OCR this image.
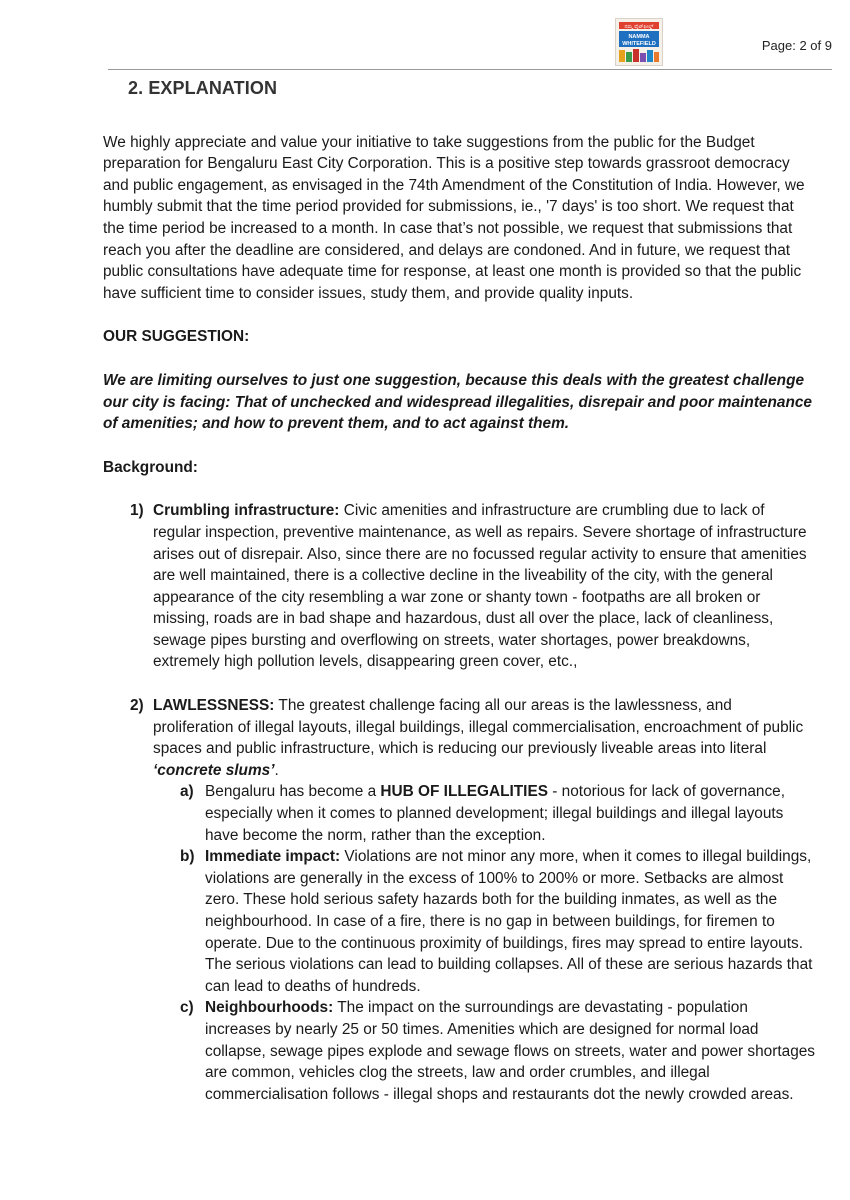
ನಮ್ಮ ವೈಟ್‌ಫೀಲ್ಡ್
NAMMA
WHITEFIELD	Page: 2 of 9
2. EXPLANATION

We highly appreciate and value your initiative to take suggestions from the public for the Budget preparation for Bengaluru East City Corporation. This is a positive step towards grassroot democracy and public engagement, as envisaged in the 74th Amendment of the Constitution of India. However, we humbly submit that the time period provided for submissions, ie., '7 days' is too short. We request that the time period be increased to a month. In case that’s not possible, we request that submissions that reach you after the deadline are considered, and delays are condoned. And in future, we request that public consultations have adequate time for response, at least one month is provided so that the public have sufficient time to consider issues, study them, and provide quality inputs.

OUR SUGGESTION:

We are limiting ourselves to just one suggestion, because this deals with the greatest challenge our city is facing: That of unchecked and widespread illegalities, disrepair and poor maintenance of amenities; and how to prevent them, and to act against them.

Background:

1) Crumbling infrastructure: Civic amenities and infrastructure are crumbling due to lack of regular inspection, preventive maintenance, as well as repairs. Severe shortage of infrastructure arises out of disrepair. Also, since there are no focussed regular activity to ensure that amenities are well maintained, there is a collective decline in the liveability of the city, with the general appearance of the city resembling a war zone or shanty town - footpaths are all broken or missing, roads are in bad shape and hazardous, dust all over the place, lack of cleanliness, sewage pipes bursting and overflowing on streets, water shortages, power breakdowns, extremely high pollution levels, disappearing green cover, etc.,
2) LAWLESSNESS: The greatest challenge facing all our areas is the lawlessness, and proliferation of illegal layouts, illegal buildings, illegal commercialisation, encroachment of public spaces and public infrastructure, which is reducing our previously liveable areas into literal ‘concrete slums’.
a) Bengaluru has become a HUB OF ILLEGALITIES - notorious for lack of governance, especially when it comes to planned development; illegal buildings and illegal layouts have become the norm, rather than the exception.
b) Immediate impact: Violations are not minor any more, when it comes to illegal buildings, violations are generally in the excess of 100% to 200% or more. Setbacks are almost zero. These hold serious safety hazards both for the building inmates, as well as the neighbourhood. In case of a fire, there is no gap in between buildings, for firemen to operate. Due to the continuous proximity of buildings, fires may spread to entire layouts. The serious violations can lead to building collapses. All of these are serious hazards that can lead to deaths of hundreds.
c) Neighbourhoods: The impact on the surroundings are devastating - population increases by nearly 25 or 50 times. Amenities which are designed for normal load collapse, sewage pipes explode and sewage flows on streets, water and power shortages are common, vehicles clog the streets, law and order crumbles, and illegal commercialisation follows - illegal shops and restaurants dot the newly crowded areas.
